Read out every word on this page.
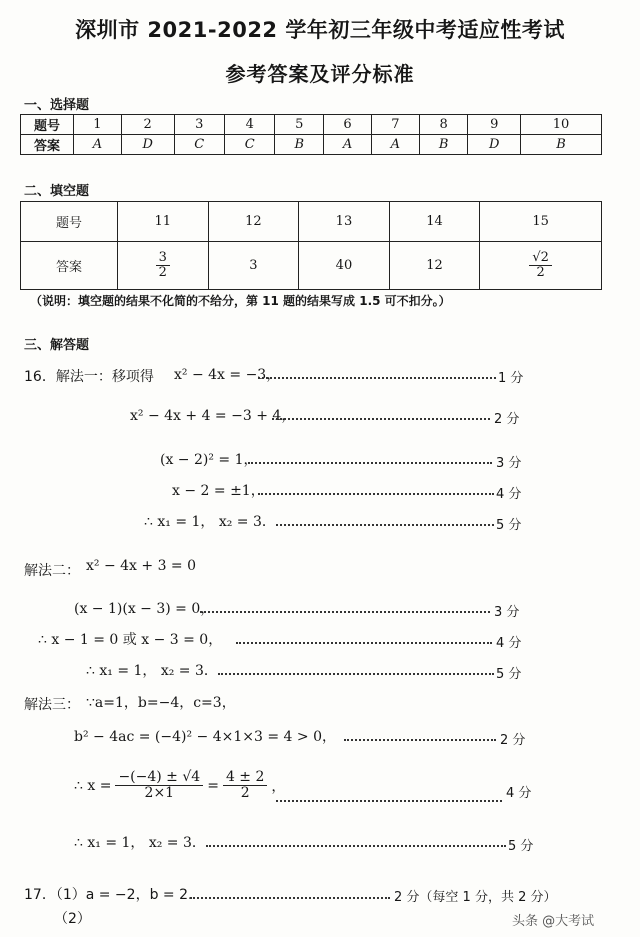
深圳市 2021-2022 学年初三年级中考适应性考试
参考答案及评分标准
一、选择题
题号	1	2	3	4	5	6	7	8	9	10
答案	A	D	C	C	B	A	A	B	D	B
二、填空题
题号	11	12	13	14	15
答案	$\frac{3}{2}$	3	40	12	$\frac{√2}{2}$
（说明：填空题的结果不化简的不给分，第 11 题的结果写成 1.5 可不扣分。）
三、解答题
16．解法一：移项得 x² − 4x = −3，	1 分
x² − 4x + 4 = −3 + 4，	2 分
(x − 2)² = 1，	3 分
x − 2 = ±1，	4 分
∴ x₁ = 1， x₂ = 3．	5 分
解法二： x² − 4x + 3 = 0
(x − 1)(x − 3) = 0，	3 分
∴ x − 1 = 0 或 x − 3 = 0，	4 分
∴ x₁ = 1， x₂ = 3．	5 分
解法三： ∵a=1，b=−4，c=3，
b² − 4ac = (−4)² − 4×1×3 = 4 > 0，	2 分
∴ $x = \frac{-(-4) \pm √4}{2\times 1} = \frac{4 \pm 2}{2}$ ，	4 分
∴ x₁ = 1， x₂ = 3．	5 分
17．（1）a = −2，b = 2．	2 分（每空 1 分，共 2 分）
（2）	头条 @大考试
